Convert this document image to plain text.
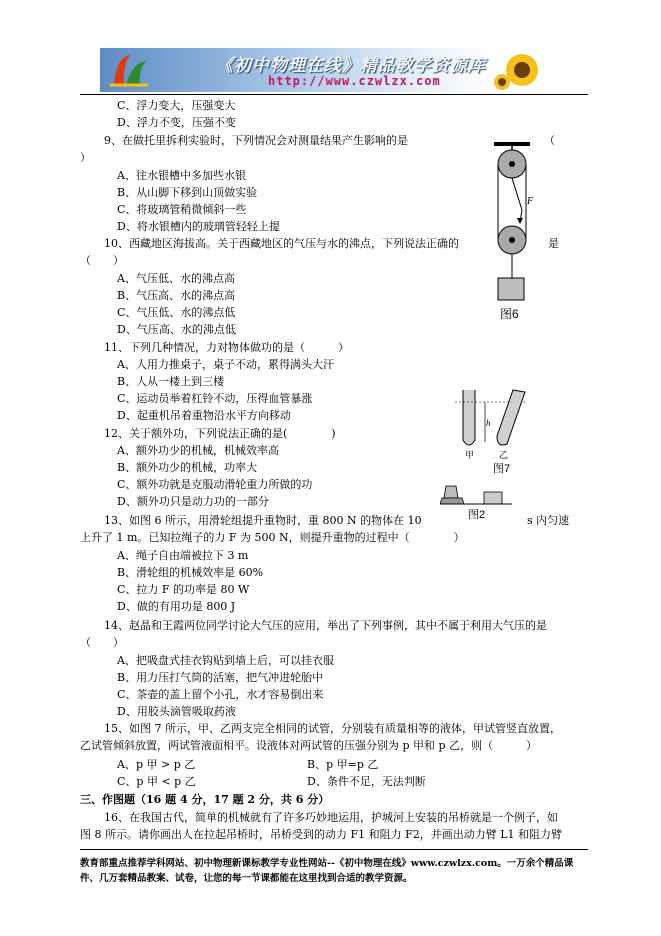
《初中物理在线》精品教学资源库
http://www.czwlzx.com
C、浮力变大，压强变大
D、浮力不变，压强不变
9、在做托里拆利实验时，下列情况会对测量结果产生影响的是	（
）
A、往水银槽中多加些水银
B、从山脚下移到山顶做实验
C、将玻璃管稍微倾斜一些
D、将水银槽内的玻璃管轻轻上提
10、西藏地区海拔高。关于西藏地区的气压与水的沸点，下列说法正确的	是
（　　）
A、气压低、水的沸点高
B、气压高、水的沸点高
C、气压低、水的沸点低
D、气压高、水的沸点低
11、下列几种情况，力对物体做功的是（　　　）
A、人用力推桌子，桌子不动，累得满头大汗
B、人从一楼上到三楼
C、运动员举着杠铃不动，压得血管暴涨
D、起重机吊着重物沿水平方向移动
12、关于额外功，下列说法正确的是(　　　　)
A、额外功少的机械，机械效率高
B、额外功少的机械，功率大
C、额外功就是克服动滑轮重力所做的功
D、额外功只是动力功的一部分
13、如图 6 所示，用滑轮组提升重物时，重 800 N 的物体在 10	s 内匀速
上升了 1 m。已知拉绳子的力 F 为 500 N，则提升重物的过程中（　　　　）
A、绳子自由端被拉下 3 m
B、滑轮组的机械效率是 60%
C、拉力 F 的功率是 80 W
D、做的有用功是 800 J
14、赵晶和王霞两位同学讨论大气压的应用，举出了下列事例，其中不属于利用大气压的是
（　　）
A、把吸盘式挂衣钩贴到墙上后，可以挂衣服
B、用力压打气筒的活塞，把气冲进轮胎中
C、茶壶的盖上留个小孔，水才容易倒出来
D、用胶头滴管吸取药液
15、如图 7 所示，甲、乙两支完全相同的试管，分别装有质量相等的液体，甲试管竖直放置，
乙试管倾斜放置，两试管液面相平。设液体对两试管的压强分别为 p 甲和 p 乙，则（　　　）
A、p 甲 > p 乙	B、p 甲=p 乙
C、p 甲 < p 乙	D、条件不足，无法判断
三、作图题（16 题 4 分，17 题 2 分，共 6 分）
16、在我国古代，简单的机械就有了许多巧妙地运用，护城河上安装的吊桥就是一个例子，如
图 8 所示。请你画出人在拉起吊桥时，吊桥受到的动力 F1 和阻力 F2，并画出动力臂 L1 和阻力臂
教育部重点推荐学科网站、初中物理新课标教学专业性网站--《初中物理在线》www.czwlzx.com。一万余个精品课
件、几万套精品教案、试卷，让您的每一节课都能在这里找到合适的教学资源。
F
图6
h
甲	乙
图7
图2
